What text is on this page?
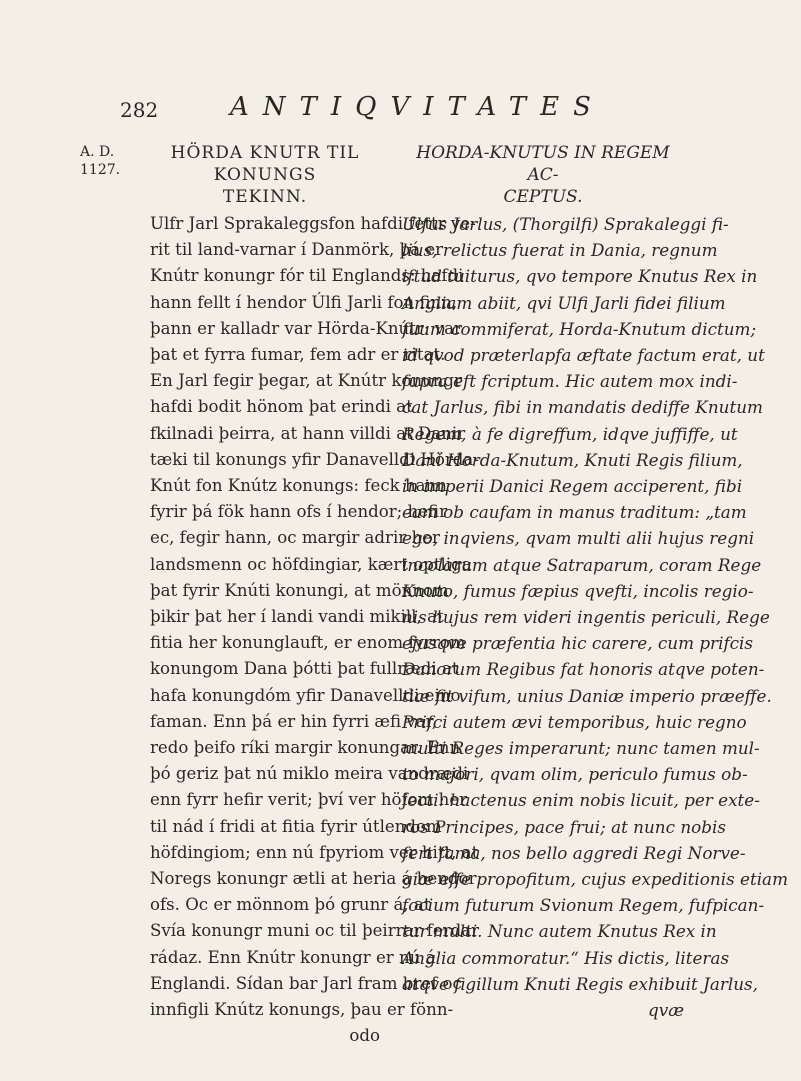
282	ANTIQVITATES
A. D.
1127.
HÖRDA KNUTR TIL KONUNGS
TEKINN.
Ulfr Jarl Sprakaleggsfon hafdi fettr ve-
rit til land-varnar í Danmörk, þá er
Knútr konungr fór til Englands: hafdi
hann fellt í hendor Úlfi Jarli fon finn,
þann er kalladr var Hörda-Knútr: var
þat et fyrra fumar, fem adr er ritat.
En Jarl fegir þegar, at Knútr konungr
hafdi bodit hönom þat erindi at
fkilnadi þeirra, at hann villdi at Danir
tæki til konungs yfir Danavelldi Hörda-
Knút fon Knútz konungs: feck hann
fyrir þá fök hann ofs í hendor; hefir
ec, fegir hann, oc margir adrir her
landsmenn oc höfdingiar, kært optliga
þat fyrir Knúti konungi, at mönnom
þikir þat her í landi vandi mikill, at
fitia her konunglauft, er enom fyrrom
konungom Dana þótti þat fullrædi at
hafa konungdóm yfir Danavelldi eino
faman. Enn þá er hin fyrri æfi var,
redo þeifo ríki margir konungar. Enn
þó geriz þat nú miklo meira vandrædi
enn fyrr hefir verit; því ver höfom her
til nád í fridi at fitia fyrir útlendom
höfdingiom; enn nú fpyriom ver hitt, at
Noregs konungr ætli at heria á hendor
ofs. Oc er mönnom þó grunr á, at
Svía konungr muni oc til þeirrar ferdar
rádaz. Enn Knútr konungr er nú á
Englandi. Sídan bar Jarl fram bref oc
innfigli Knútz konungs, þau er fönn-
odo
HORDA-KNUTUS IN REGEM AC-
CEPTUS.
Ulfus Jarlus, (Thorgilfi) Sprakaleggi fi-
lius, relictus fuerat in Dania, regnum
iftud tuiturus, qvo tempore Knutus Rex in
Angliam abiit, qvi Ulfi Jarli fidei filium
fuum commiferat, Horda-Knutum dictum;
id qvod præterlapfa æftate factum erat, ut
fupra eft fcriptum. Hic autem mox indi-
cat Jarlus, fibi in mandatis dediffe Knutum
Regem, à fe digreffum, idqve juffiffe, ut
Dani Horda-Knutum, Knuti Regis filium,
in imperii Danici Regem acciperent, fibi
eam ob caufam in manus traditum: „tam
ego, inqviens, qvam multi alii hujus regni
incolarum atque Satraparum, coram Rege
Knuto, fumus fæpius qvefti, incolis regio-
nis hujus rem videri ingentis periculi, Rege
ejusqve præfentia hic carere, cum prifcis
Danorum Regibus fat honoris atqve poten-
tiæ fit vifum, unius Daniæ imperio præeffe.
Prifci autem ævi temporibus, huic regno
multi Reges imperarunt; nunc tamen mul-
to majori, qvam olim, periculo fumus ob-
jecti: hactenus enim nobis licuit, per exte-
ros Principes, pace frui; at nunc nobis
fert fama, nos bello aggredi Regi Norve-
giæ effe propofitum, cujus expeditionis etiam
focium futurum Svionum Regem, fufpican-
tur multi. Nunc autem Knutus Rex in
Anglia commoratur.“ His dictis, literas
atqve figillum Knuti Regis exhibuit Jarlus,
qvæ
